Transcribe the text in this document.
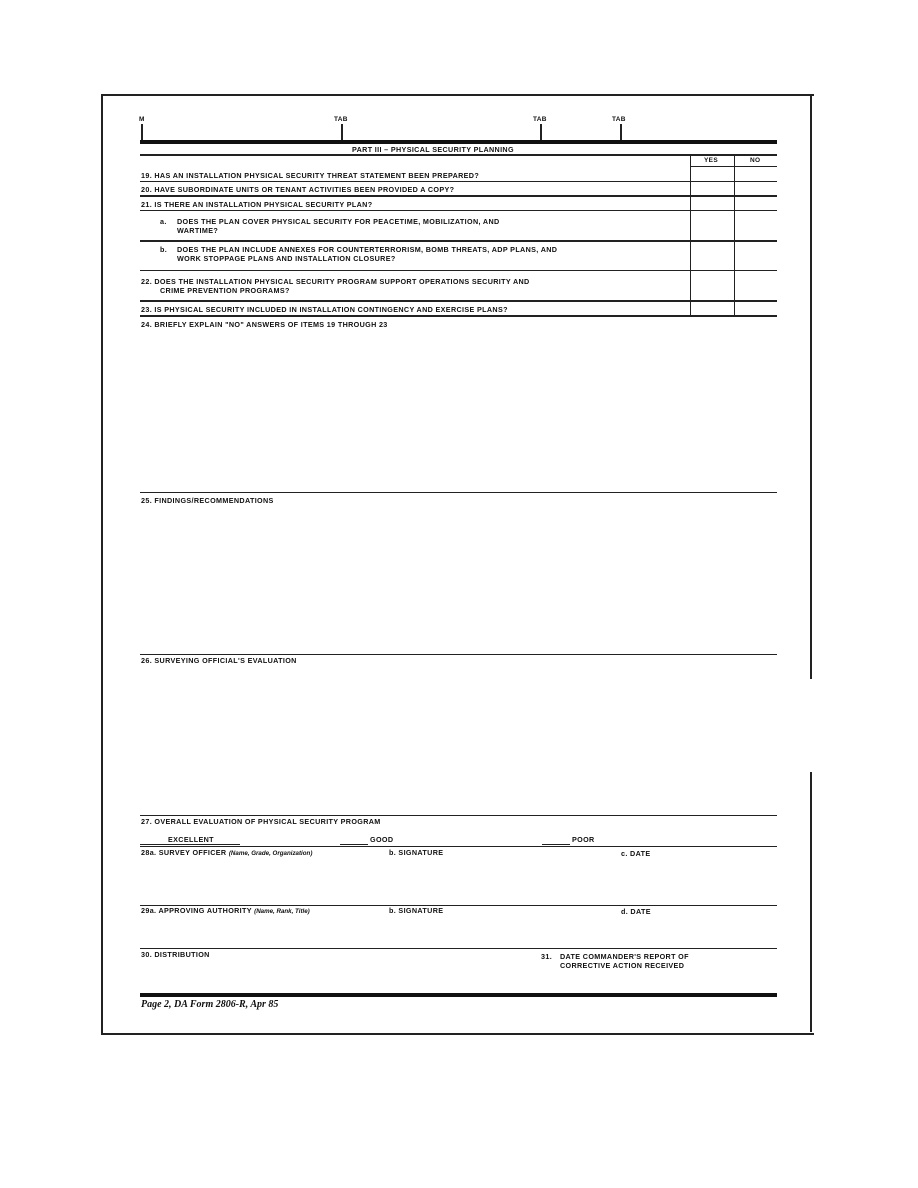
M	TAB	TAB	TAB
PART III – PHYSICAL SECURITY PLANNING
YES	NO
19. HAS AN INSTALLATION PHYSICAL SECURITY THREAT STATEMENT BEEN PREPARED?
20. HAVE SUBORDINATE UNITS OR TENANT ACTIVITIES BEEN PROVIDED A COPY?
21. IS THERE AN INSTALLATION PHYSICAL SECURITY PLAN?
a. DOES THE PLAN COVER PHYSICAL SECURITY FOR PEACETIME, MOBILIZATION, AND
WARTIME?
b. DOES THE PLAN INCLUDE ANNEXES FOR COUNTERTERRORISM, BOMB THREATS, ADP PLANS, AND
WORK STOPPAGE PLANS AND INSTALLATION CLOSURE?
22. DOES THE INSTALLATION PHYSICAL SECURITY PROGRAM SUPPORT OPERATIONS SECURITY AND
CRIME PREVENTION PROGRAMS?
23. IS PHYSICAL SECURITY INCLUDED IN INSTALLATION CONTINGENCY AND EXERCISE PLANS?
24. BRIEFLY EXPLAIN "NO" ANSWERS OF ITEMS 19 THROUGH 23
25. FINDINGS/RECOMMENDATIONS
26. SURVEYING OFFICIAL'S EVALUATION
27. OVERALL EVALUATION OF PHYSICAL SECURITY PROGRAM
EXCELLENT	GOOD	POOR
28a. SURVEY OFFICER (Name, Grade, Organization)	b. SIGNATURE	c. DATE
29a. APPROVING AUTHORITY (Name, Rank, Title)	b. SIGNATURE	d. DATE
30. DISTRIBUTION	31. DATE COMMANDER'S REPORT OF
CORRECTIVE ACTION RECEIVED
Page 2, DA Form 2806-R, Apr 85
